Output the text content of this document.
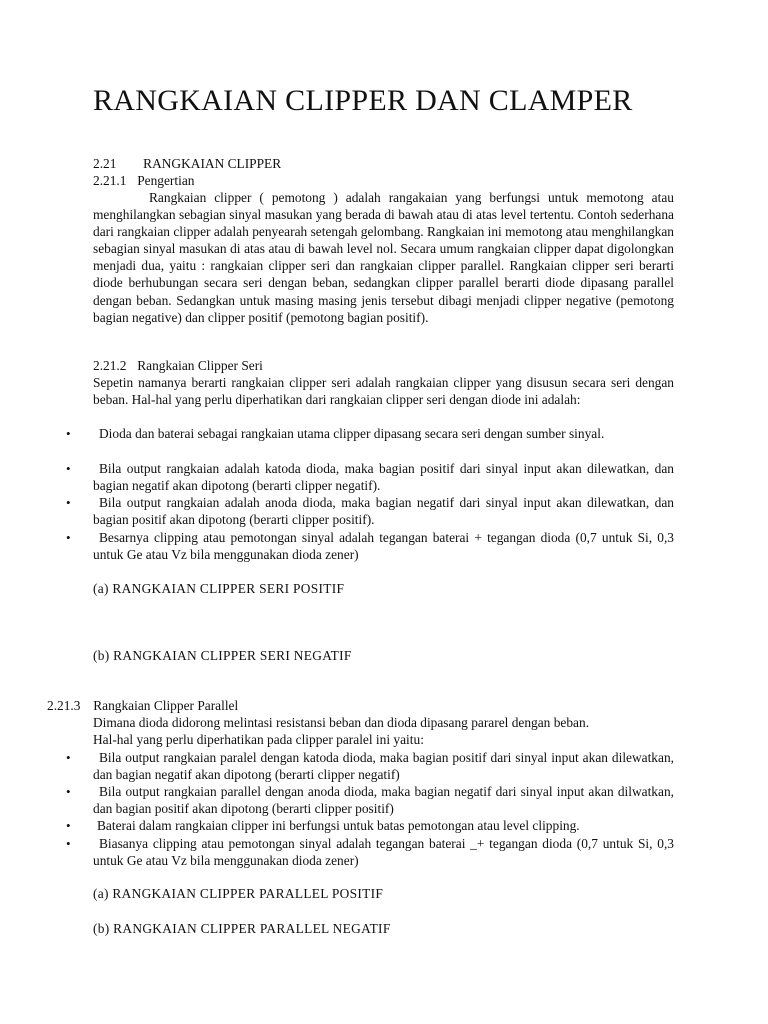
RANGKAIAN CLIPPER DAN CLAMPER
2.21 RANGKAIAN CLIPPER
2.21.1 Pengertian
Rangkaian clipper ( pemotong ) adalah rangakaian yang berfungsi untuk memotong atau menghilangkan sebagian sinyal masukan yang berada di bawah atau di atas level tertentu. Contoh sederhana dari rangkaian clipper adalah penyearah setengah gelombang. Rangkaian ini memotong atau menghilangkan sebagian sinyal masukan di atas atau di bawah level nol. Secara umum rangkaian clipper dapat digolongkan menjadi dua, yaitu : rangkaian clipper seri dan rangkaian clipper parallel. Rangkaian clipper seri berarti diode berhubungan secara seri dengan beban, sedangkan clipper parallel berarti diode dipasang parallel dengan beban. Sedangkan untuk masing masing jenis tersebut dibagi menjadi clipper negative (pemotong bagian negative) dan clipper positif (pemotong bagian positif).
2.21.2 Rangkaian Clipper Seri
Sepetin namanya berarti rangkaian clipper seri adalah rangkaian clipper yang disusun secara seri dengan beban. Hal-hal yang perlu diperhatikan dari rangkaian clipper seri dengan diode ini adalah:
•	Dioda dan baterai sebagai rangkaian utama clipper dipasang secara seri dengan sumber sinyal.
•	Bila output rangkaian adalah katoda dioda, maka bagian positif dari sinyal input akan dilewatkan, dan bagian negatif akan dipotong (berarti clipper negatif).
•	Bila output rangkaian adalah anoda dioda, maka bagian negatif dari sinyal input akan dilewatkan, dan bagian positif akan dipotong (berarti clipper positif).
•	Besarnya clipping atau pemotongan sinyal adalah tegangan baterai + tegangan dioda (0,7 untuk Si, 0,3 untuk Ge atau Vz bila menggunakan dioda zener)
(a) RANGKAIAN CLIPPER SERI POSITIF
(b) RANGKAIAN CLIPPER SERI NEGATIF
2.21.3 Rangkaian Clipper Parallel
Dimana dioda didorong melintasi resistansi beban dan dioda dipasang pararel dengan beban.
Hal-hal yang perlu diperhatikan pada clipper paralel ini yaitu:
•	Bila output rangkaian paralel dengan katoda dioda, maka bagian positif dari sinyal input akan dilewatkan, dan bagian negatif akan dipotong (berarti clipper negatif)
•	Bila output rangkaian parallel dengan anoda dioda, maka bagian negatif dari sinyal input akan dilwatkan, dan bagian positif akan dipotong (berarti clipper positif)
• Baterai dalam rangkaian clipper ini berfungsi untuk batas pemotongan atau level clipping.
•	Biasanya clipping atau pemotongan sinyal adalah tegangan baterai _+ tegangan dioda (0,7 untuk Si, 0,3 untuk Ge atau Vz bila menggunakan dioda zener)
(a) RANGKAIAN CLIPPER PARALLEL POSITIF
(b) RANGKAIAN CLIPPER PARALLEL NEGATIF
